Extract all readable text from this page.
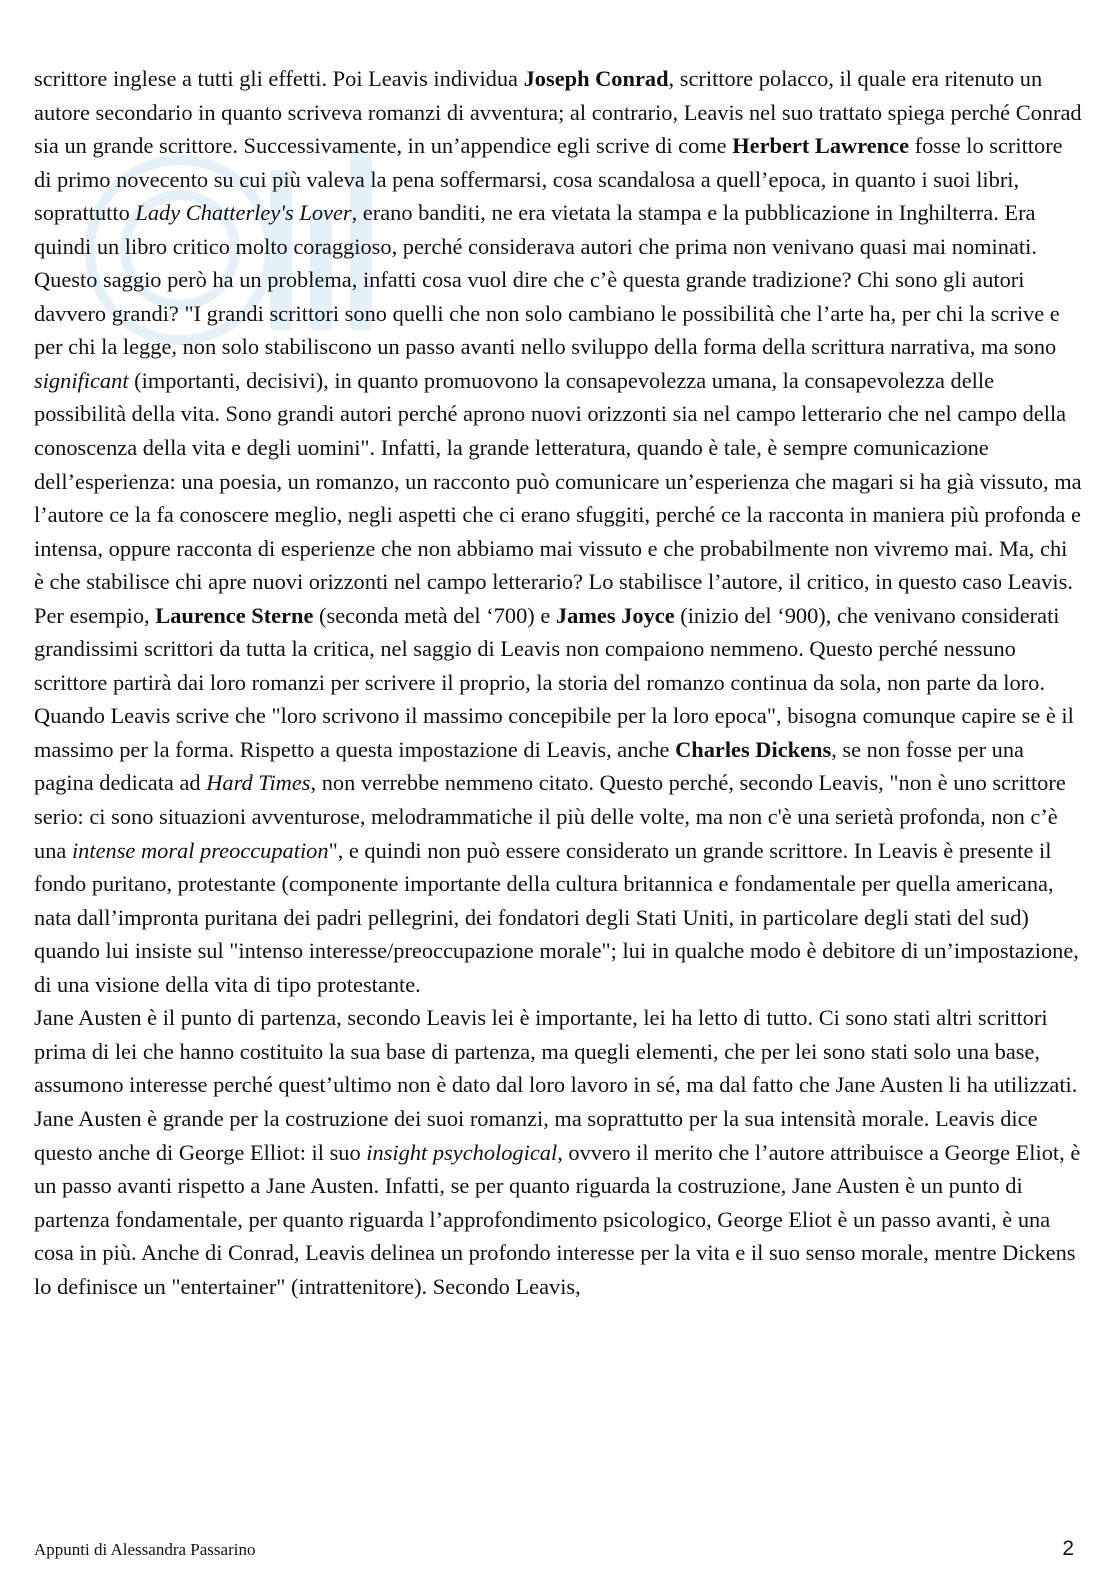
scrittore inglese a tutti gli effetti. Poi Leavis individua Joseph Conrad, scrittore polacco, il quale era ritenuto un autore secondario in quanto scriveva romanzi di avventura; al contrario, Leavis nel suo trattato spiega perché Conrad sia un grande scrittore. Successivamente, in un’appendice egli scrive di come Herbert Lawrence fosse lo scrittore di primo novecento su cui più valeva la pena soffermarsi, cosa scandalosa a quell’epoca, in quanto i suoi libri, soprattutto Lady Chatterley's Lover, erano banditi, ne era vietata la stampa e la pubblicazione in Inghilterra. Era quindi un libro critico molto coraggioso, perché considerava autori che prima non venivano quasi mai nominati. Questo saggio però ha un problema, infatti cosa vuol dire che c’è questa grande tradizione? Chi sono gli autori davvero grandi? "I grandi scrittori sono quelli che non solo cambiano le possibilità che l’arte ha, per chi la scrive e per chi la legge, non solo stabiliscono un passo avanti nello sviluppo della forma della scrittura narrativa, ma sono significant (importanti, decisivi), in quanto promuovono la consapevolezza umana, la consapevolezza delle possibilità della vita. Sono grandi autori perché aprono nuovi orizzonti sia nel campo letterario che nel campo della conoscenza della vita e degli uomini". Infatti, la grande letteratura, quando è tale, è sempre comunicazione dell’esperienza: una poesia, un romanzo, un racconto può comunicare un’esperienza che magari si ha già vissuto, ma l’autore ce la fa conoscere meglio, negli aspetti che ci erano sfuggiti, perché ce la racconta in maniera più profonda e intensa, oppure racconta di esperienze che non abbiamo mai vissuto e che probabilmente non vivremo mai. Ma, chi è che stabilisce chi apre nuovi orizzonti nel campo letterario? Lo stabilisce l’autore, il critico, in questo caso Leavis. Per esempio, Laurence Sterne (seconda metà del ‘700) e James Joyce (inizio del ‘900), che venivano considerati grandissimi scrittori da tutta la critica, nel saggio di Leavis non compaiono nemmeno. Questo perché nessuno scrittore partirà dai loro romanzi per scrivere il proprio, la storia del romanzo continua da sola, non parte da loro. Quando Leavis scrive che "loro scrivono il massimo concepibile per la loro epoca", bisogna comunque capire se è il massimo per la forma. Rispetto a questa impostazione di Leavis, anche Charles Dickens, se non fosse per una pagina dedicata ad Hard Times, non verrebbe nemmeno citato. Questo perché, secondo Leavis, "non è uno scrittore serio: ci sono situazioni avventurose, melodrammatiche il più delle volte, ma non c'è una serietà profonda, non c’è una intense moral preoccupation", e quindi non può essere considerato un grande scrittore. In Leavis è presente il fondo puritano, protestante (componente importante della cultura britannica e fondamentale per quella americana, nata dall’impronta puritana dei padri pellegrini, dei fondatori degli Stati Uniti, in particolare degli stati del sud) quando lui insiste sul "intenso interesse/preoccupazione morale"; lui in qualche modo è debitore di un’impostazione, di una visione della vita di tipo protestante.

Jane Austen è il punto di partenza, secondo Leavis lei è importante, lei ha letto di tutto. Ci sono stati altri scrittori prima di lei che hanno costituito la sua base di partenza, ma quegli elementi, che per lei sono stati solo una base, assumono interesse perché quest’ultimo non è dato dal loro lavoro in sé, ma dal fatto che Jane Austen li ha utilizzati. Jane Austen è grande per la costruzione dei suoi romanzi, ma soprattutto per la sua intensità morale. Leavis dice questo anche di George Elliot: il suo insight psychological, ovvero il merito che l’autore attribuisce a George Eliot, è un passo avanti rispetto a Jane Austen. Infatti, se per quanto riguarda la costruzione, Jane Austen è un punto di partenza fondamentale, per quanto riguarda l’approfondimento psicologico, George Eliot è un passo avanti, è una cosa in più. Anche di Conrad, Leavis delinea un profondo interesse per la vita e il suo senso morale, mentre Dickens lo definisce un "entertainer" (intrattenitore). Secondo Leavis,

Appunti di Alessandra Passarino	2
